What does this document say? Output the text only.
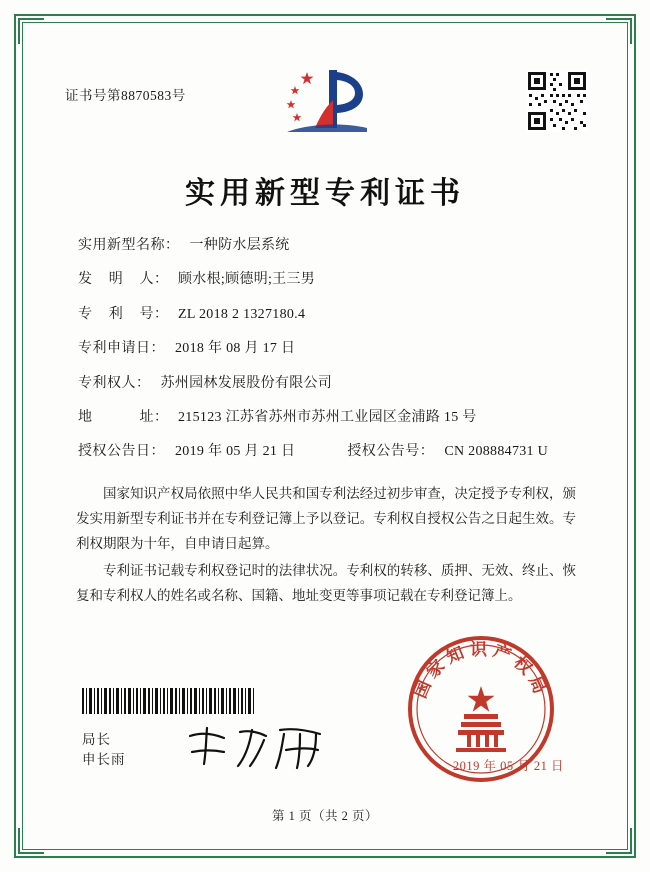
证书号第8870583号
实用新型专利证书
实用新型名称： 一种防水层系统
发明人 ： 顾水根;顾德明;王三男
专利号 ： ZL 2018 2 1327180.4
专利申请日： 2018 年 08 月 17 日
专利权人： 苏州园林发展股份有限公司
地址 ： 215123 江苏省苏州市苏州工业园区金浦路 15 号
授权公告日： 2019 年 05 月 21 日	授权公告号： CN 208884731 U

国家知识产权局依照中华人民共和国专利法经过初步审查，决定授予专利权，颁发实用新型专利证书并在专利登记簿上予以登记。专利权自授权公告之日起生效。专利权期限为十年，自申请日起算。

专利证书记载专利权登记时的法律状况。专利权的转移、质押、无效、终止、恢复和专利权人的姓名或名称、国籍、地址变更等事项记载在专利登记簿上。

局长
申长雨
国家知识产权局
2019 年 05 月 21 日
第 1 页（共 2 页）
